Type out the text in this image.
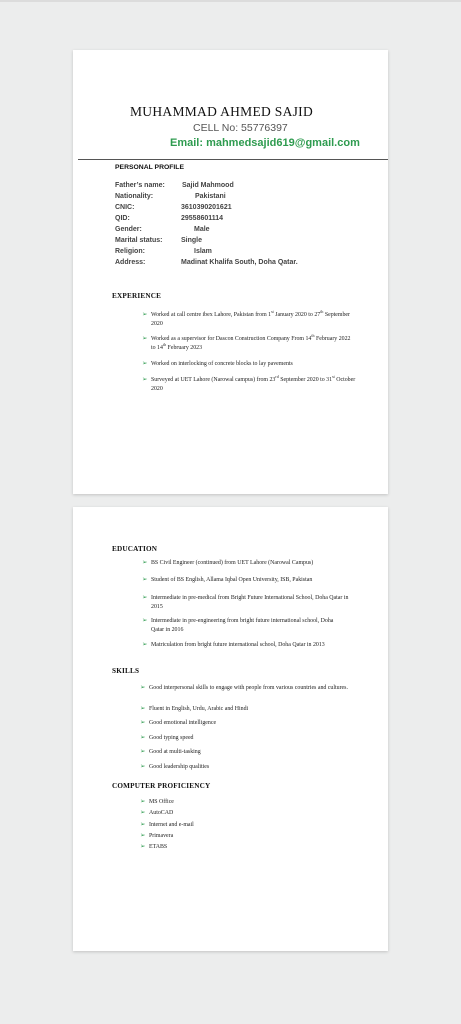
MUHAMMAD AHMED SAJID
CELL No: 55776397
Email: mahmedsajid619@gmail.com
PERSONAL PROFILE
Father’s name: Sajid Mahmood
Nationality:	Pakistani
CNIC:	3610390201621
QID:	29558601114
Gender:	Male
Marital status:	Single
Religion:	Islam
Address:	Madinat Khalifa South, Doha Qatar.
EXPERIENCE
➢ Worked at call centre ibex Lahore, Pakistan from 1st January 2020 to 27th September 2020
➢ Worked as a supervisor for Dascon Construction Company From 14th February 2022 to 14th February 2023
➢ Worked on interlocking of concrete blocks to lay pavements
➢ Surveyed at UET Lahore (Narowal campus) from 23rd September 2020 to 31st October 2020
EDUCATION
➢ BS Civil Engineer (continued) from UET Lahore (Narowal Campus)
➢ Student of BS English, Allama Iqbal Open University, ISB, Pakistan
➢ Intermediate in pre-medical from Bright Future International School, Doha Qatar in 2015
➢ Intermediate in pre-engineering from bright future international school, Doha Qatar in 2016
➢ Matriculation from bright future international school, Doha Qatar in 2013
SKILLS
➢ Good interpersonal skills to engage with people from various countries and cultures.
➢ Fluent in English, Urdu, Arabic and Hindi
➢ Good emotional intelligence
➢ Good typing speed
➢ Good at multi-tasking
➢ Good leadership qualities
COMPUTER PROFICIENCY
➢ MS Office
➢ AutoCAD
➢ Internet and e-mail
➢ Primavera
➢ ETABS
